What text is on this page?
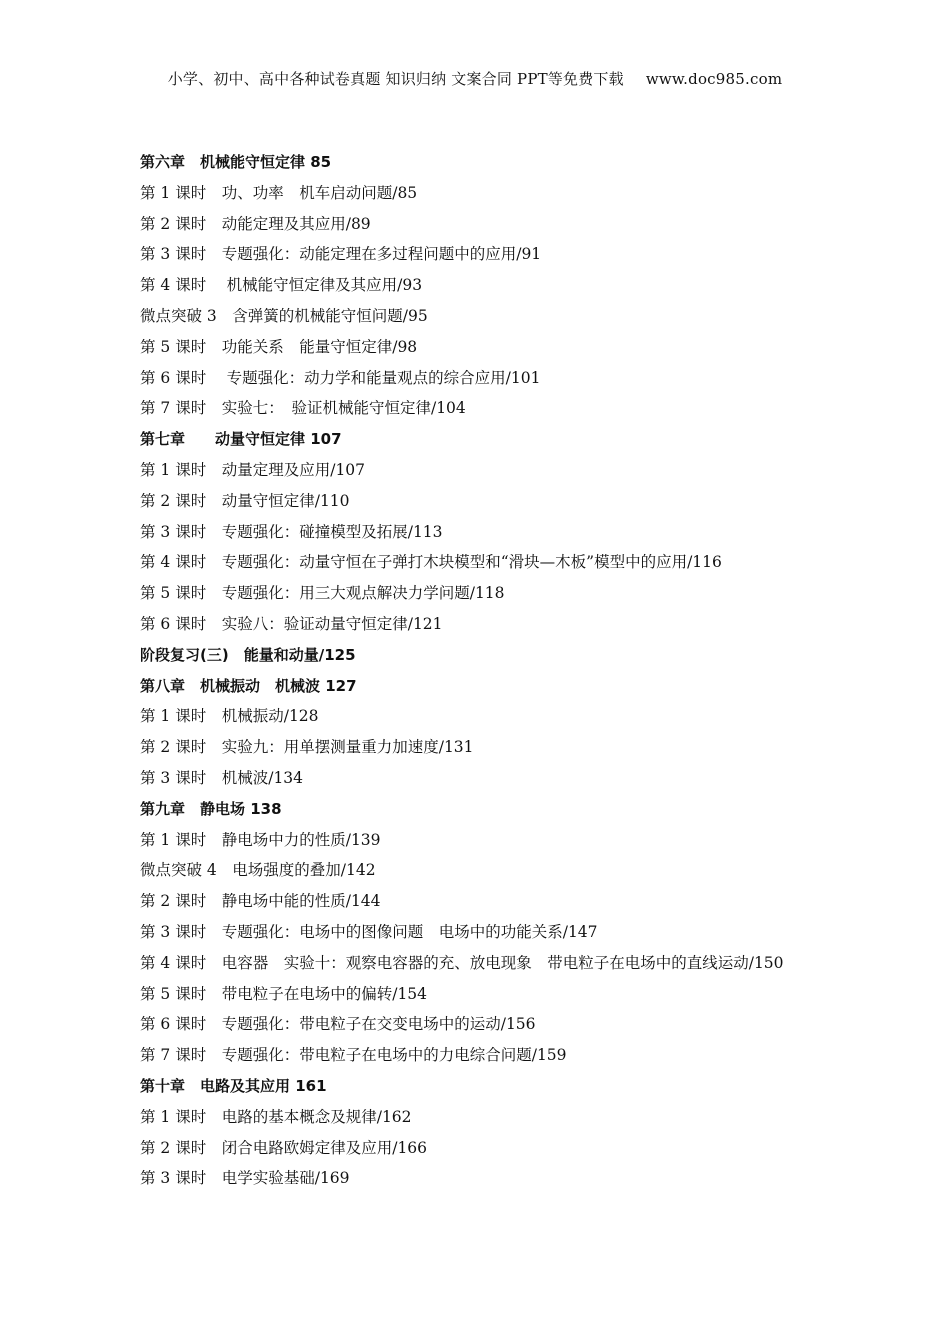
小学、初中、高中各种试卷真题 知识归纳 文案合同 PPT等免费下载 www.doc985.com
第六章　机械能守恒定律 85
第 1 课时　功、功率　机车启动问题/85
第 2 课时　动能定理及其应用/89
第 3 课时　专题强化：动能定理在多过程问题中的应用/91
第 4 课时　 机械能守恒定律及其应用/93
微点突破 3　含弹簧的机械能守恒问题/95
第 5 课时　功能关系　能量守恒定律/98
第 6 课时　 专题强化：动力学和能量观点的综合应用/101
第 7 课时　实验七：　验证机械能守恒定律/104
第七章　　动量守恒定律 107
第 1 课时　动量定理及应用/107
第 2 课时　动量守恒定律/110
第 3 课时　专题强化：碰撞模型及拓展/113
第 4 课时　专题强化：动量守恒在子弹打木块模型和“滑块—木板”模型中的应用/116
第 5 课时　专题强化：用三大观点解决力学问题/118
第 6 课时　实验八：验证动量守恒定律/121
阶段复习(三)　能量和动量/125
第八章　机械振动　机械波 127
第 1 课时　机械振动/128
第 2 课时　实验九：用单摆测量重力加速度/131
第 3 课时　机械波/134
第九章　静电场 138
第 1 课时　静电场中力的性质/139
微点突破 4　电场强度的叠加/142
第 2 课时　静电场中能的性质/144
第 3 课时　专题强化：电场中的图像问题　电场中的功能关系/147
第 4 课时　电容器　实验十：观察电容器的充、放电现象　带电粒子在电场中的直线运动/150
第 5 课时　带电粒子在电场中的偏转/154
第 6 课时　专题强化：带电粒子在交变电场中的运动/156
第 7 课时　专题强化：带电粒子在电场中的力电综合问题/159
第十章　电路及其应用 161
第 1 课时　电路的基本概念及规律/162
第 2 课时　闭合电路欧姆定律及应用/166
第 3 课时　电学实验基础/169
